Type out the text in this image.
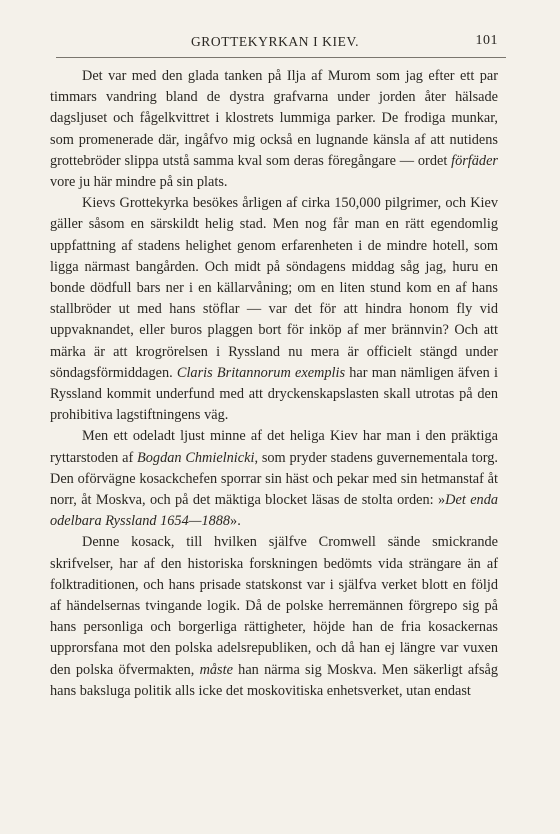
GROTTEKYRKAN I KIEV.	101

Det var med den glada tanken på Ilja af Murom som jag efter ett par timmars vandring bland de dystra grafvarna under jorden åter hälsade dagsljuset och fågelkvittret i klostrets lummiga parker. De frodiga munkar, som promenerade där, ingåfvo mig också en lugnande känsla af att nutidens grottebröder slippa utstå samma kval som deras föregångare — ordet förfäder vore ju här mindre på sin plats.

Kievs Grottekyrka besökes årligen af cirka 150,000 pilgrimer, och Kiev gäller såsom en särskildt helig stad. Men nog får man en rätt egendomlig uppfattning af stadens helighet genom erfarenheten i de mindre hotell, som ligga närmast bangården. Och midt på söndagens middag såg jag, huru en bonde dödfull bars ner i en källarvåning; om en liten stund kom en af hans stallbröder ut med hans stöflar — var det för att hindra honom fly vid uppvaknandet, eller buros plaggen bort för inköp af mer brännvin? Och att märka är att krogrörelsen i Ryssland nu mera är officielt stängd under söndagsförmiddagen. Claris Britannorum exemplis har man nämligen äfven i Ryssland kommit underfund med att dryckenskapslasten skall utrotas på den prohibitiva lagstiftningens väg.

Men ett odeladt ljust minne af det heliga Kiev har man i den präktiga ryttarstoden af Bogdan Chmielnicki, som pryder stadens guvernementala torg. Den oförvägne kosackchefen sporrar sin häst och pekar med sin hetmanstaf åt norr, åt Moskva, och på det mäktiga blocket läsas de stolta orden: »Det enda odelbara Ryssland 1654—1888».

Denne kosack, till hvilken själfve Cromwell sände smickrande skrifvelser, har af den historiska forskningen bedömts vida strängare än af folktraditionen, och hans prisade statskonst var i själfva verket blott en följd af händelsernas tvingande logik. Då de polske herremännen förgrepo sig på hans personliga och borgerliga rättigheter, höjde han de fria kosackernas upprorsfana mot den polska adelsrepubliken, och då han ej längre var vuxen den polska öfvermakten, måste han närma sig Moskva. Men säkerligt afsåg hans baksluga politik alls icke det moskovitiska enhetsverket, utan endast
